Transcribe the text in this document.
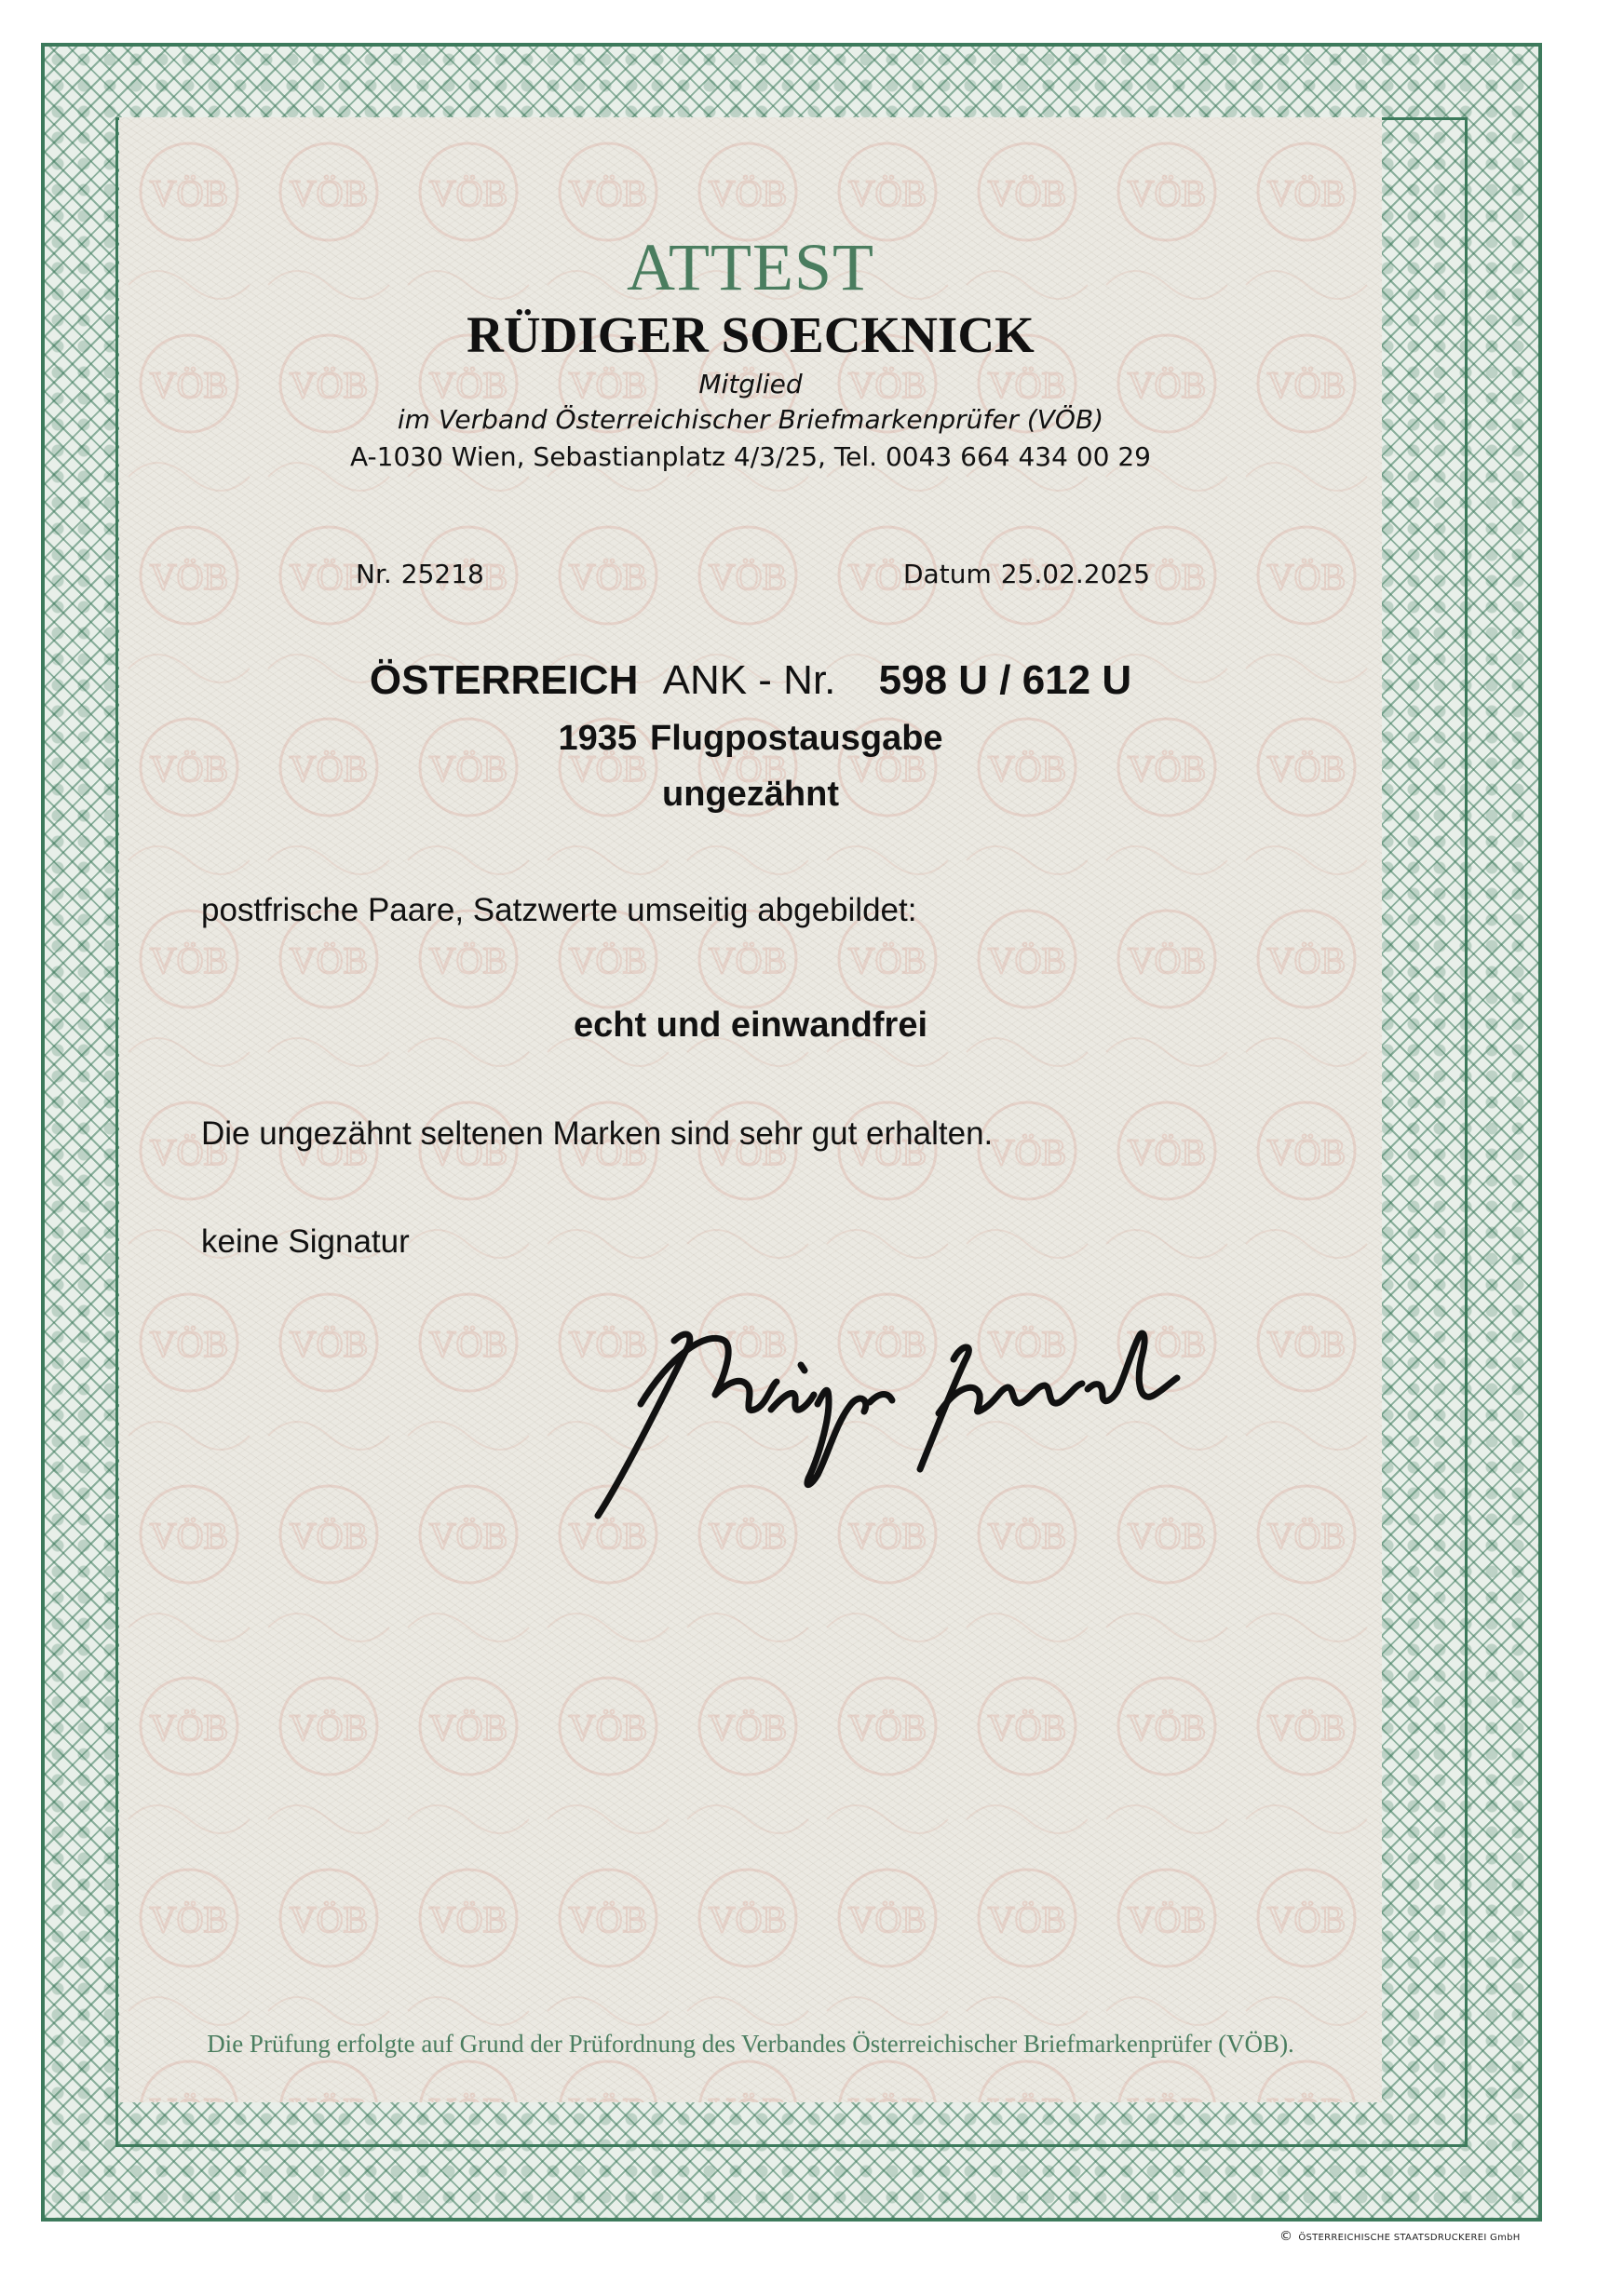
ATTEST
RÜDIGER SOECKNICK
Mitglied
im Verband Österreichischer Briefmarkenprüfer (VÖB)
A-1030 Wien, Sebastianplatz 4/3/25, Tel. 0043 664 434 00 29
Nr. 25218	Datum 25.02.2025
ÖSTERREICH ANK - Nr. 598 U / 612 U
1935 Flugpostausgabe
ungezähnt
postfrische Paare, Satzwerte umseitig abgebildet:
echt und einwandfrei
Die ungezähnt seltenen Marken sind sehr gut erhalten.
keine Signatur
Die Prüfung erfolgte auf Grund der Prüfordnung des Verbandes Österreichischer Briefmarkenprüfer (VÖB).
© ÖSTERREICHISCHE STAATSDRUCKEREI GmbH
